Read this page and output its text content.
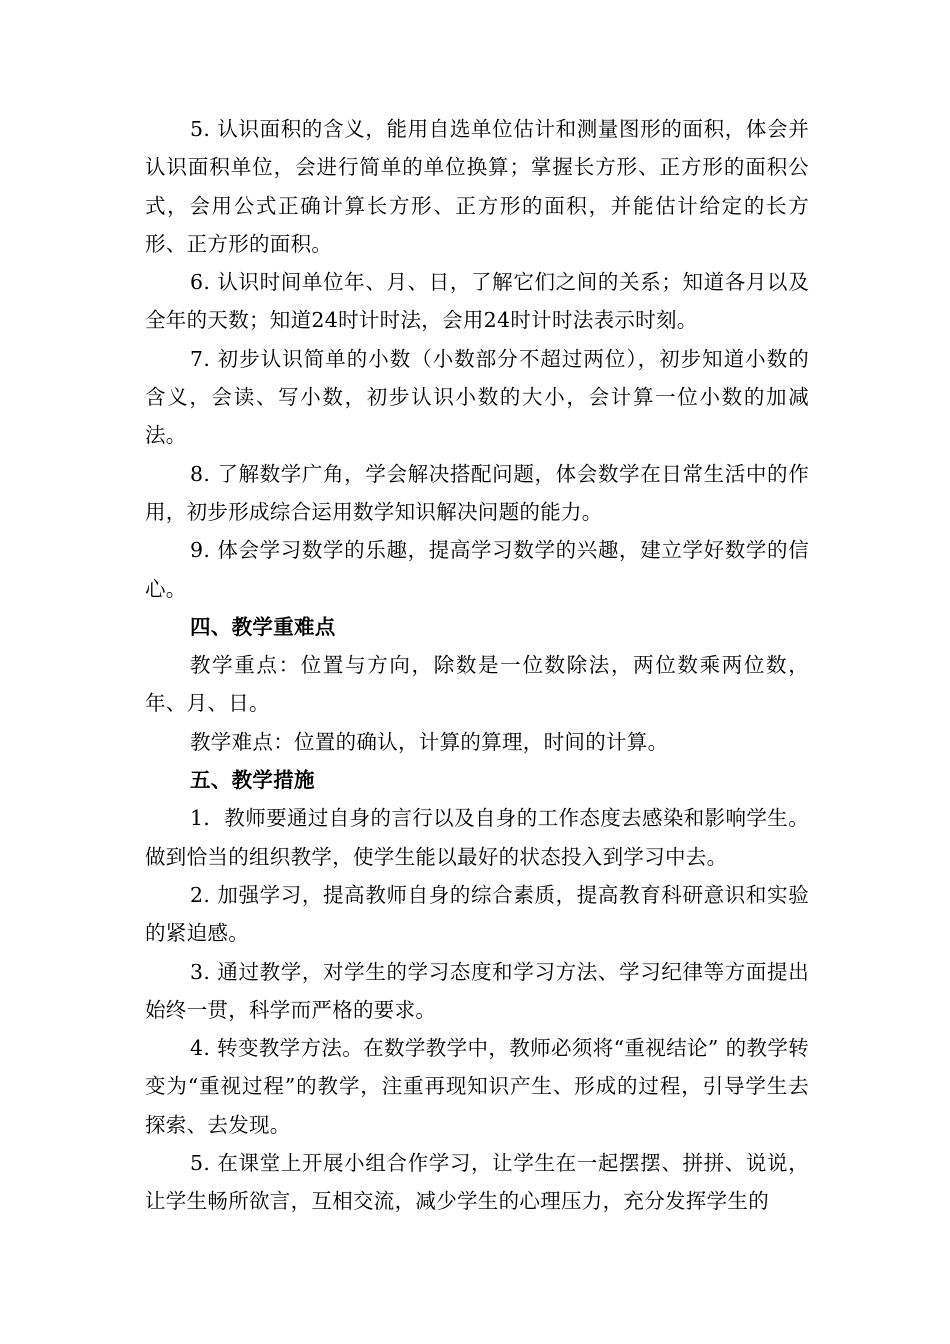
5. 认识面积的含义，能用自选单位估计和测量图形的面积，体会并认识面积单位，会进行简单的单位换算；掌握长方形、正方形的面积公式，会用公式正确计算长方形、正方形的面积，并能估计给定的长方形、正方形的面积。

6. 认识时间单位年、月、日，了解它们之间的关系；知道各月以及全年的天数；知道24时计时法，会用24时计时法表示时刻。

7. 初步认识简单的小数（小数部分不超过两位），初步知道小数的含义，会读、写小数，初步认识小数的大小，会计算一位小数的加减法。

8. 了解数学广角，学会解决搭配问题，体会数学在日常生活中的作用，初步形成综合运用数学知识解决问题的能力。

9. 体会学习数学的乐趣，提高学习数学的兴趣，建立学好数学的信心。

四、教学重难点

教学重点：位置与方向，除数是一位数除法，两位数乘两位数，年、月、日。

教学难点：位置的确认，计算的算理，时间的计算。

五、教学措施

1．教师要通过自身的言行以及自身的工作态度去感染和影响学生。做到恰当的组织教学，使学生能以最好的状态投入到学习中去。

2. 加强学习，提高教师自身的综合素质，提高教育科研意识和实验的紧迫感。

3. 通过教学，对学生的学习态度和学习方法、学习纪律等方面提出始终一贯，科学而严格的要求。

4. 转变教学方法。在数学教学中，教师必须将“重视结论” 的教学转变为“重视过程”的教学，注重再现知识产生、形成的过程，引导学生去探索、去发现。

5. 在课堂上开展小组合作学习，让学生在一起摆摆、拼拼、说说，让学生畅所欲言，互相交流，减少学生的心理压力，充分发挥学生的
